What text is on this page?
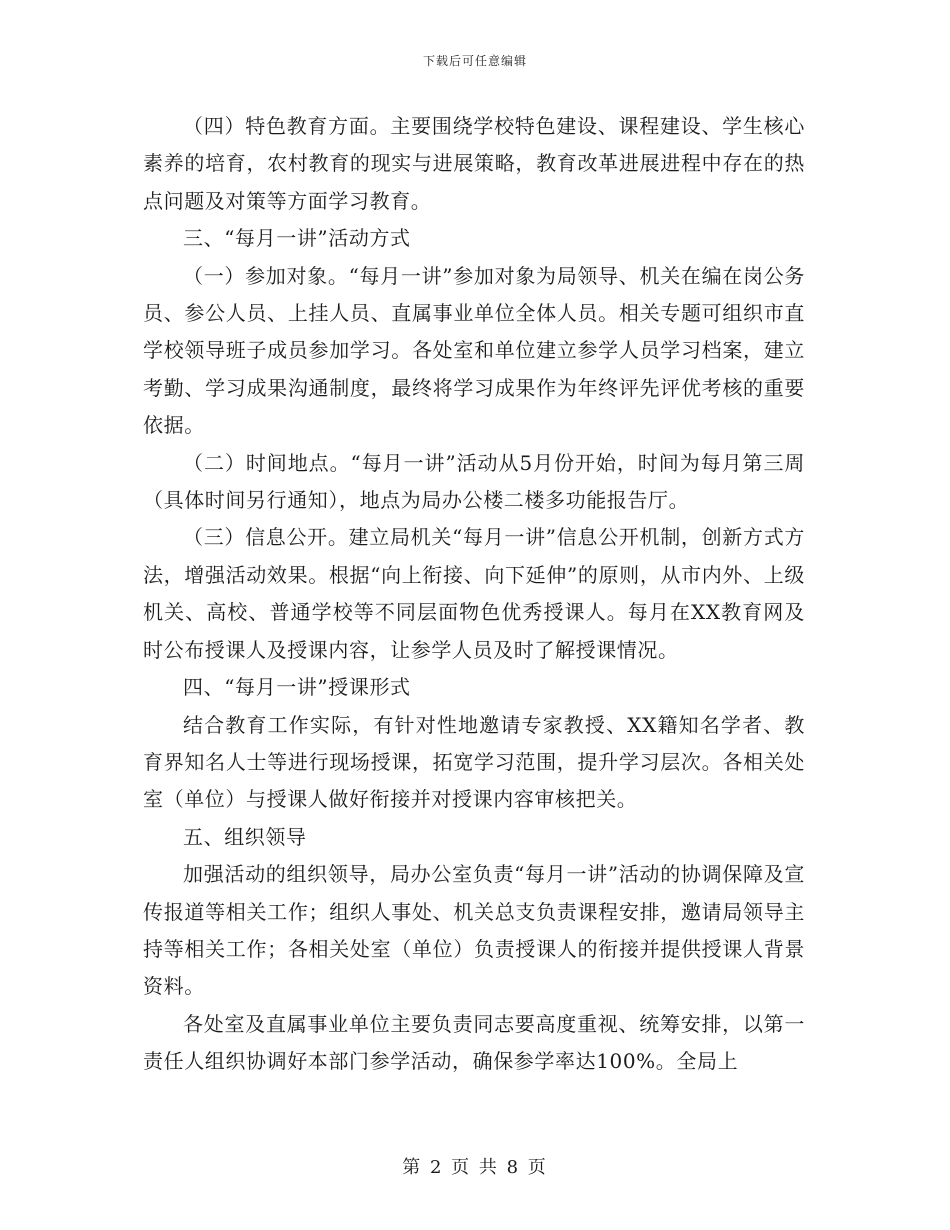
下载后可任意编辑

（四）特色教育方面。主要围绕学校特色建设、课程建设、学生核心素养的培育，农村教育的现实与进展策略，教育改革进展进程中存在的热点问题及对策等方面学习教育。

三、“每月一讲”活动方式

（一）参加对象。“每月一讲”参加对象为局领导、机关在编在岗公务员、参公人员、上挂人员、直属事业单位全体人员。相关专题可组织市直学校领导班子成员参加学习。各处室和单位建立参学人员学习档案，建立考勤、学习成果沟通制度，最终将学习成果作为年终评先评优考核的重要依据。

（二）时间地点。“每月一讲”活动从5月份开始，时间为每月第三周（具体时间另行通知），地点为局办公楼二楼多功能报告厅。

（三）信息公开。建立局机关“每月一讲”信息公开机制，创新方式方法，增强活动效果。根据“向上衔接、向下延伸”的原则，从市内外、上级机关、高校、普通学校等不同层面物色优秀授课人。每月在XX教育网及时公布授课人及授课内容，让参学人员及时了解授课情况。

四、“每月一讲”授课形式

结合教育工作实际，有针对性地邀请专家教授、XX籍知名学者、教育界知名人士等进行现场授课，拓宽学习范围，提升学习层次。各相关处室（单位）与授课人做好衔接并对授课内容审核把关。

五、组织领导

加强活动的组织领导，局办公室负责“每月一讲”活动的协调保障及宣传报道等相关工作；组织人事处、机关总支负责课程安排，邀请局领导主持等相关工作；各相关处室（单位）负责授课人的衔接并提供授课人背景资料。

各处室及直属事业单位主要负责同志要高度重视、统筹安排，以第一责任人组织协调好本部门参学活动，确保参学率达100%。全局上

第 2 页 共 8 页
